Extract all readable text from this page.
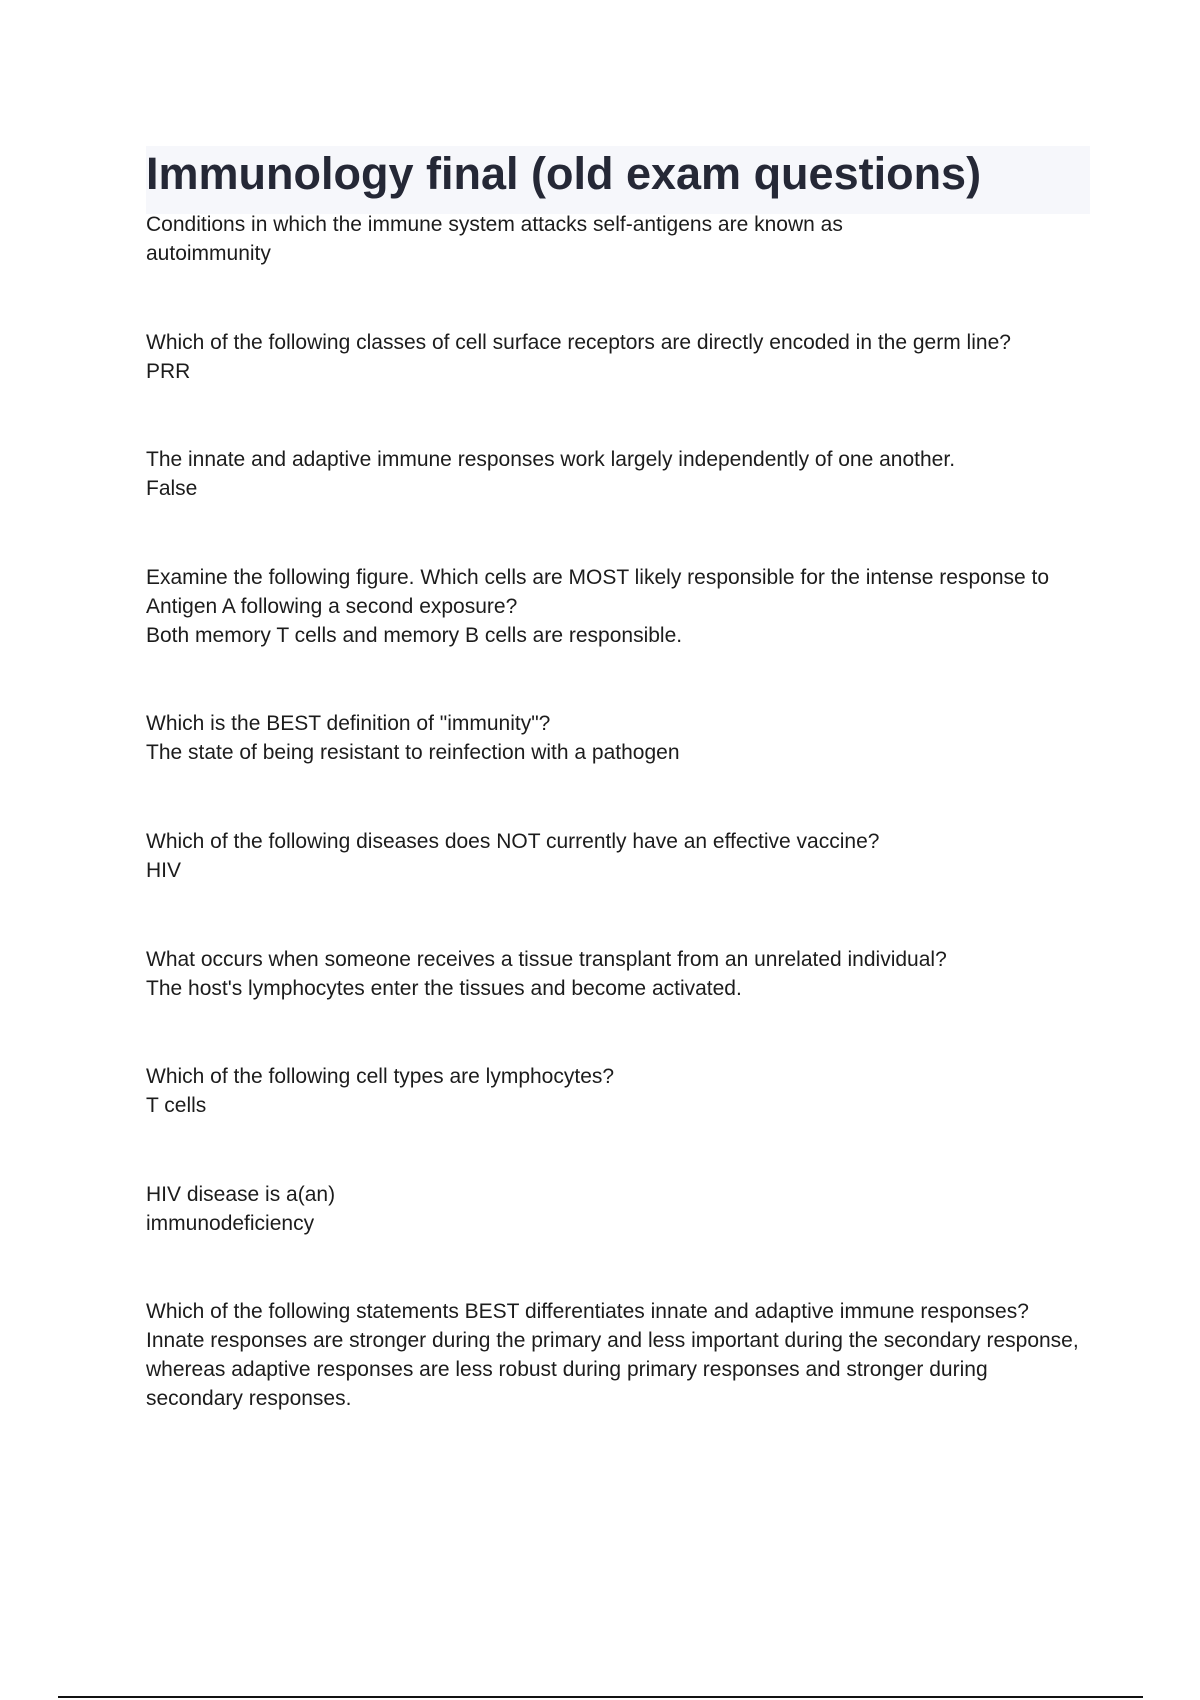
Immunology final (old exam questions)
Conditions in which the immune system attacks self-antigens are known as
autoimmunity
Which of the following classes of cell surface receptors are directly encoded in the germ line?
PRR
The innate and adaptive immune responses work largely independently of one another.
False
Examine the following figure. Which cells are MOST likely responsible for the intense response to Antigen A following a second exposure?
Both memory T cells and memory B cells are responsible.
Which is the BEST definition of "immunity"?
The state of being resistant to reinfection with a pathogen
Which of the following diseases does NOT currently have an effective vaccine?
HIV
What occurs when someone receives a tissue transplant from an unrelated individual?
The host's lymphocytes enter the tissues and become activated.
Which of the following cell types are lymphocytes?
T cells
HIV disease is a(an)
immunodeficiency
Which of the following statements BEST differentiates innate and adaptive immune responses?
Innate responses are stronger during the primary and less important during the secondary response, whereas adaptive responses are less robust during primary responses and stronger during secondary responses.
